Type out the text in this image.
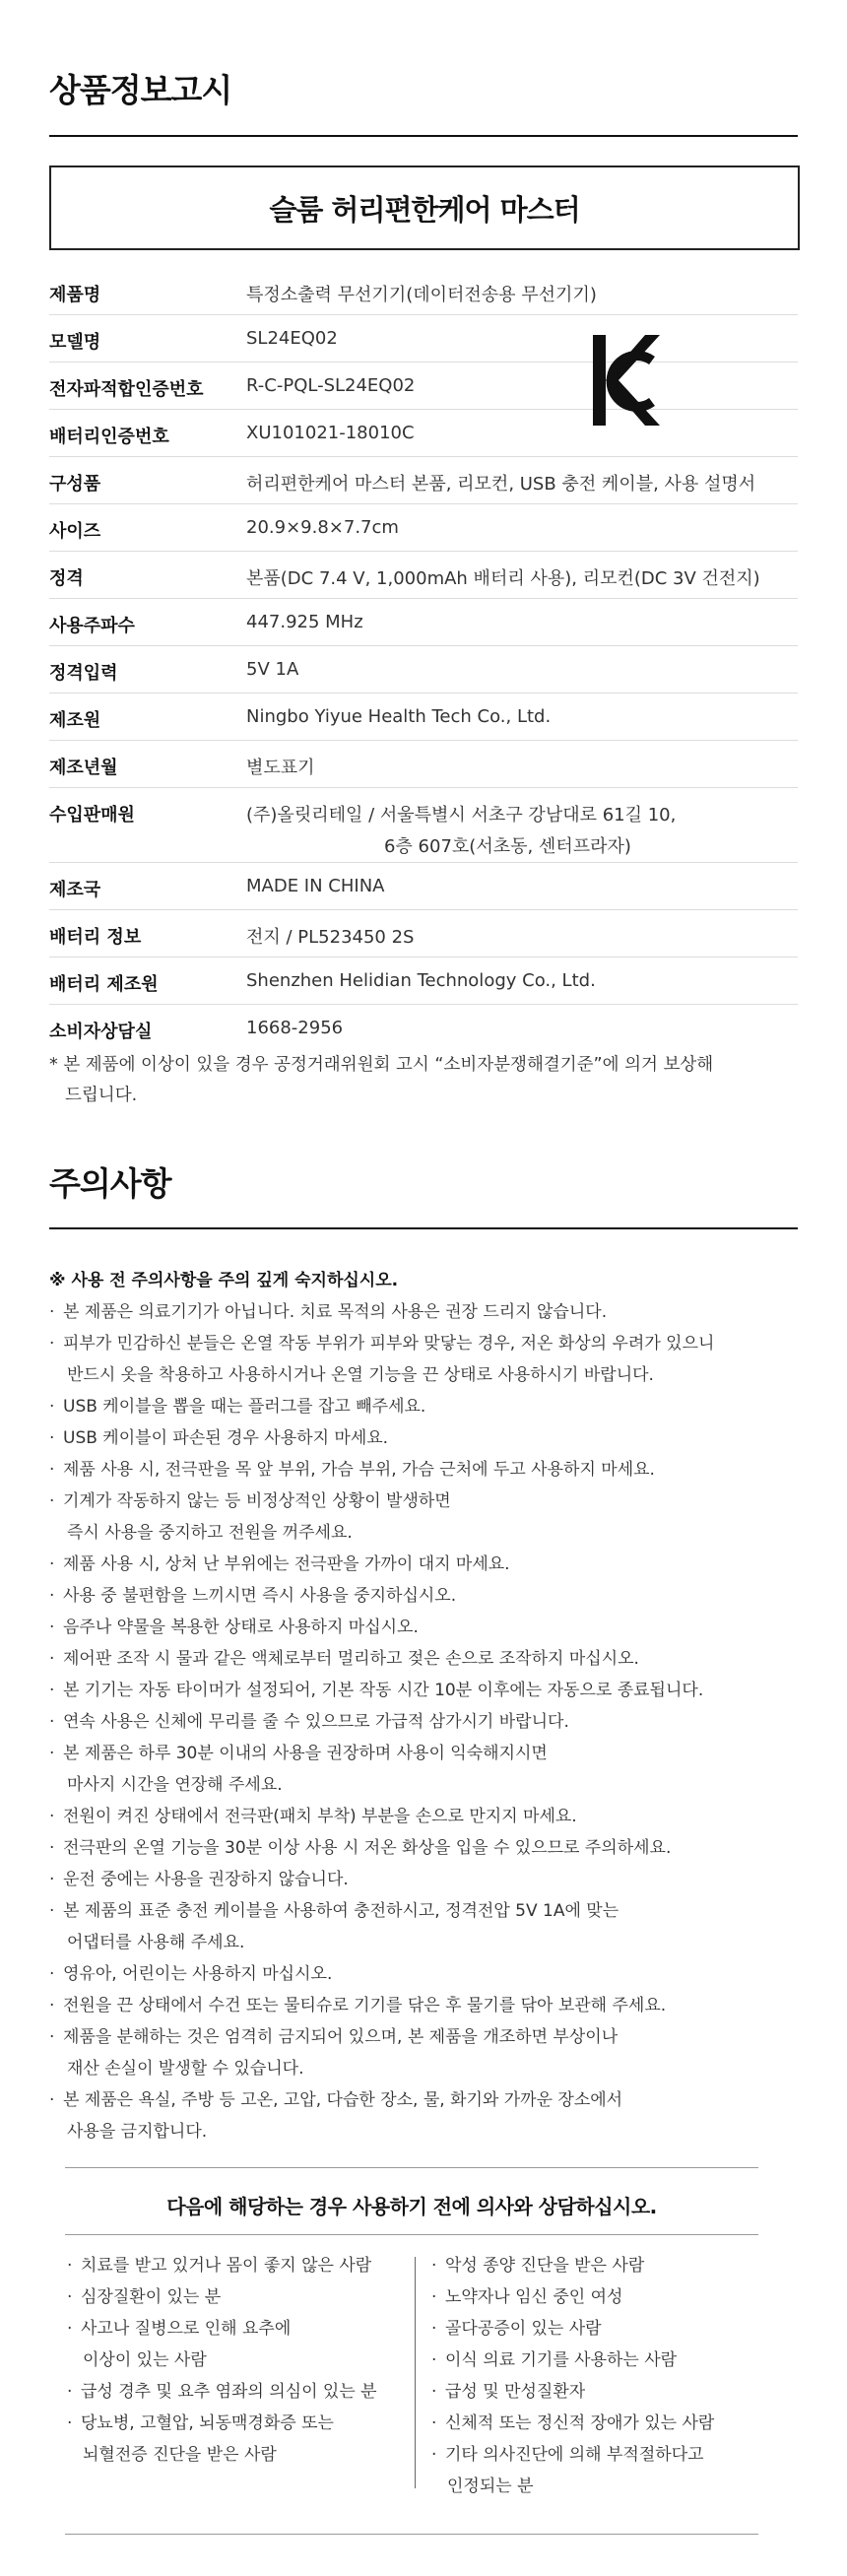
상품정보고시
슬룸 허리편한케어 마스터
제품명	특정소출력 무선기기(데이터전송용 무선기기)
모델명	SL24EQ02
전자파적합인증번호	R-C-PQL-SL24EQ02
배터리인증번호	XU101021-18010C
구성품	허리편한케어 마스터 본품, 리모컨, USB 충전 케이블, 사용 설명서
사이즈	20.9×9.8×7.7cm
정격	본품(DC 7.4 V, 1,000mAh 배터리 사용), 리모컨(DC 3V 건전지)
사용주파수	447.925 MHz
정격입력	5V 1A
제조원	Ningbo Yiyue Health Tech Co., Ltd.
제조년월	별도표기
수입판매원	(주)올릿리테일 / 서울특별시 서초구 강남대로 61길 10,
6층 607호(서초동, 센터프라자)
제조국	MADE IN CHINA
배터리 정보	전지 / PL523450 2S
배터리 제조원	Shenzhen Helidian Technology Co., Ltd.
소비자상담실	1668-2956
* 본 제품에 이상이 있을 경우 공정거래위원회 고시 “소비자분쟁해결기준”에 의거 보상해
드립니다.
주의사항
※ 사용 전 주의사항을 주의 깊게 숙지하십시오.
· 본 제품은 의료기기가 아닙니다. 치료 목적의 사용은 권장 드리지 않습니다.
· 피부가 민감하신 분들은 온열 작동 부위가 피부와 맞닿는 경우, 저온 화상의 우려가 있으니
반드시 옷을 착용하고 사용하시거나 온열 기능을 끈 상태로 사용하시기 바랍니다.
· USB 케이블을 뽑을 때는 플러그를 잡고 빼주세요.
· USB 케이블이 파손된 경우 사용하지 마세요.
· 제품 사용 시, 전극판을 목 앞 부위, 가슴 부위, 가슴 근처에 두고 사용하지 마세요.
· 기계가 작동하지 않는 등 비정상적인 상황이 발생하면
즉시 사용을 중지하고 전원을 꺼주세요.
· 제품 사용 시, 상처 난 부위에는 전극판을 가까이 대지 마세요.
· 사용 중 불편함을 느끼시면 즉시 사용을 중지하십시오.
· 음주나 약물을 복용한 상태로 사용하지 마십시오.
· 제어판 조작 시 물과 같은 액체로부터 멀리하고 젖은 손으로 조작하지 마십시오.
· 본 기기는 자동 타이머가 설정되어, 기본 작동 시간 10분 이후에는 자동으로 종료됩니다.
· 연속 사용은 신체에 무리를 줄 수 있으므로 가급적 삼가시기 바랍니다.
· 본 제품은 하루 30분 이내의 사용을 권장하며 사용이 익숙해지시면
마사지 시간을 연장해 주세요.
· 전원이 켜진 상태에서 전극판(패치 부착) 부분을 손으로 만지지 마세요.
· 전극판의 온열 기능을 30분 이상 사용 시 저온 화상을 입을 수 있으므로 주의하세요.
· 운전 중에는 사용을 권장하지 않습니다.
· 본 제품의 표준 충전 케이블을 사용하여 충전하시고, 정격전압 5V 1A에 맞는
어댑터를 사용해 주세요.
· 영유아, 어린이는 사용하지 마십시오.
· 전원을 끈 상태에서 수건 또는 물티슈로 기기를 닦은 후 물기를 닦아 보관해 주세요.
· 제품을 분해하는 것은 엄격히 금지되어 있으며, 본 제품을 개조하면 부상이나
재산 손실이 발생할 수 있습니다.
· 본 제품은 욕실, 주방 등 고온, 고압, 다습한 장소, 물, 화기와 가까운 장소에서
사용을 금지합니다.
다음에 해당하는 경우 사용하기 전에 의사와 상담하십시오.
· 치료를 받고 있거나 몸이 좋지 않은 사람
· 심장질환이 있는 분
· 사고나 질병으로 인해 요추에
이상이 있는 사람
· 급성 경추 및 요추 염좌의 의심이 있는 분
· 당뇨병, 고혈압, 뇌동맥경화증 또는
뇌혈전증 진단을 받은 사람
· 악성 종양 진단을 받은 사람
· 노약자나 임신 중인 여성
· 골다공증이 있는 사람
· 이식 의료 기기를 사용하는 사람
· 급성 및 만성질환자
· 신체적 또는 정신적 장애가 있는 사람
· 기타 의사진단에 의해 부적절하다고
인정되는 분
